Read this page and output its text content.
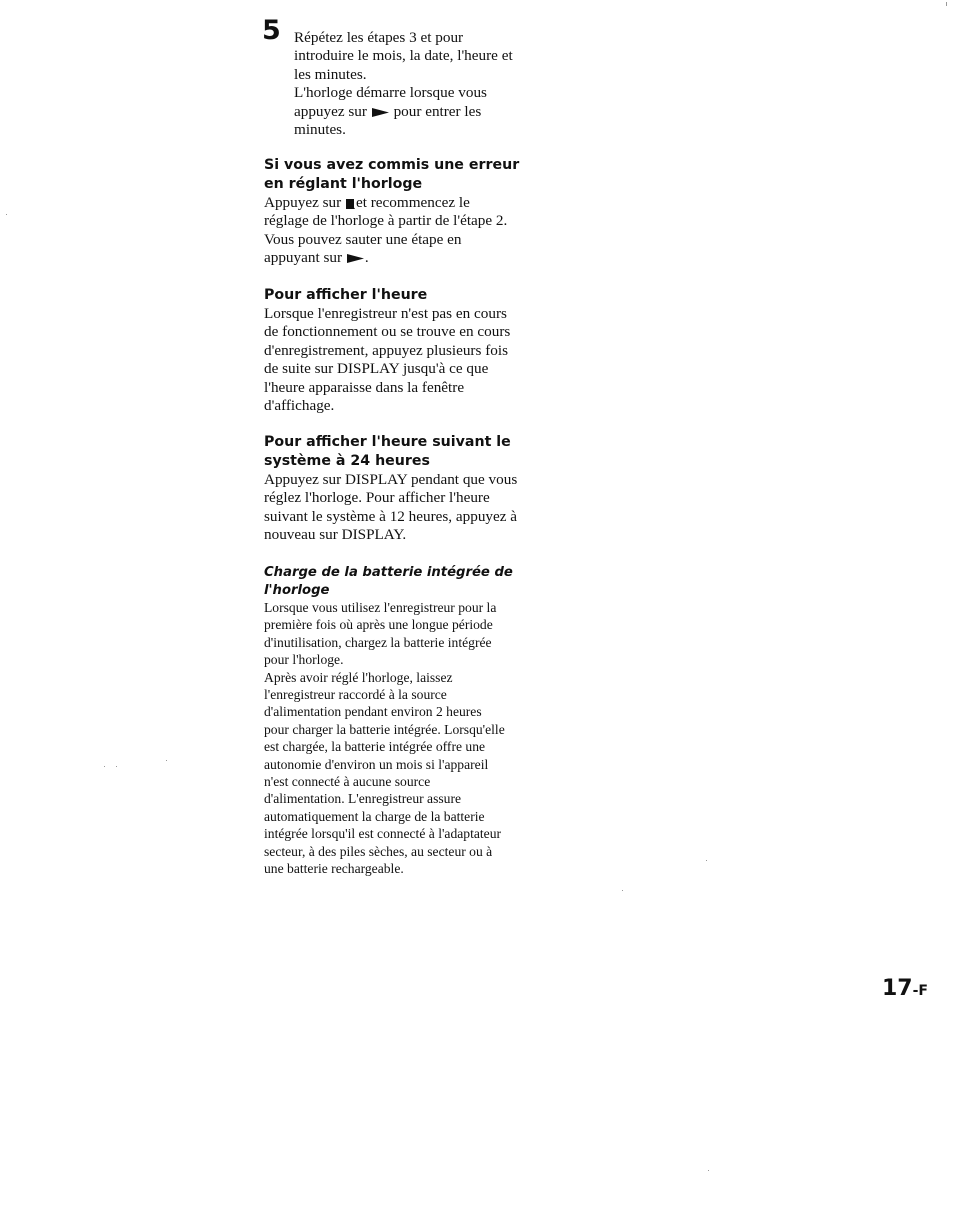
5 Répétez les étapes 3 et pour
introduire le mois, la date, l'heure et
les minutes.
L'horloge démarre lorsque vous
appuyez sur pour entrer les
minutes.
Si vous avez commis une erreur
en réglant l'horloge
Appuyez sur et recommencez le
réglage de l'horloge à partir de l'étape 2.
Vous pouvez sauter une étape en
appuyant sur .
Pour afficher l'heure
Lorsque l'enregistreur n'est pas en cours
de fonctionnement ou se trouve en cours
d'enregistrement, appuyez plusieurs fois
de suite sur DISPLAY jusqu'à ce que
l'heure apparaisse dans la fenêtre
d'affichage.
Pour afficher l'heure suivant le
système à 24 heures
Appuyez sur DISPLAY pendant que vous
réglez l'horloge. Pour afficher l'heure
suivant le système à 12 heures, appuyez à
nouveau sur DISPLAY.
Charge de la batterie intégrée de
l'horloge
Lorsque vous utilisez l'enregistreur pour la
première fois où après une longue période
d'inutilisation, chargez la batterie intégrée
pour l'horloge.
Après avoir réglé l'horloge, laissez
l'enregistreur raccordé à la source
d'alimentation pendant environ 2 heures
pour charger la batterie intégrée. Lorsqu'elle
est chargée, la batterie intégrée offre une
autonomie d'environ un mois si l'appareil
n'est connecté à aucune source
d'alimentation. L'enregistreur assure
automatiquement la charge de la batterie
intégrée lorsqu'il est connecté à l'adaptateur
secteur, à des piles sèches, au secteur ou à
une batterie rechargeable.
17-F
